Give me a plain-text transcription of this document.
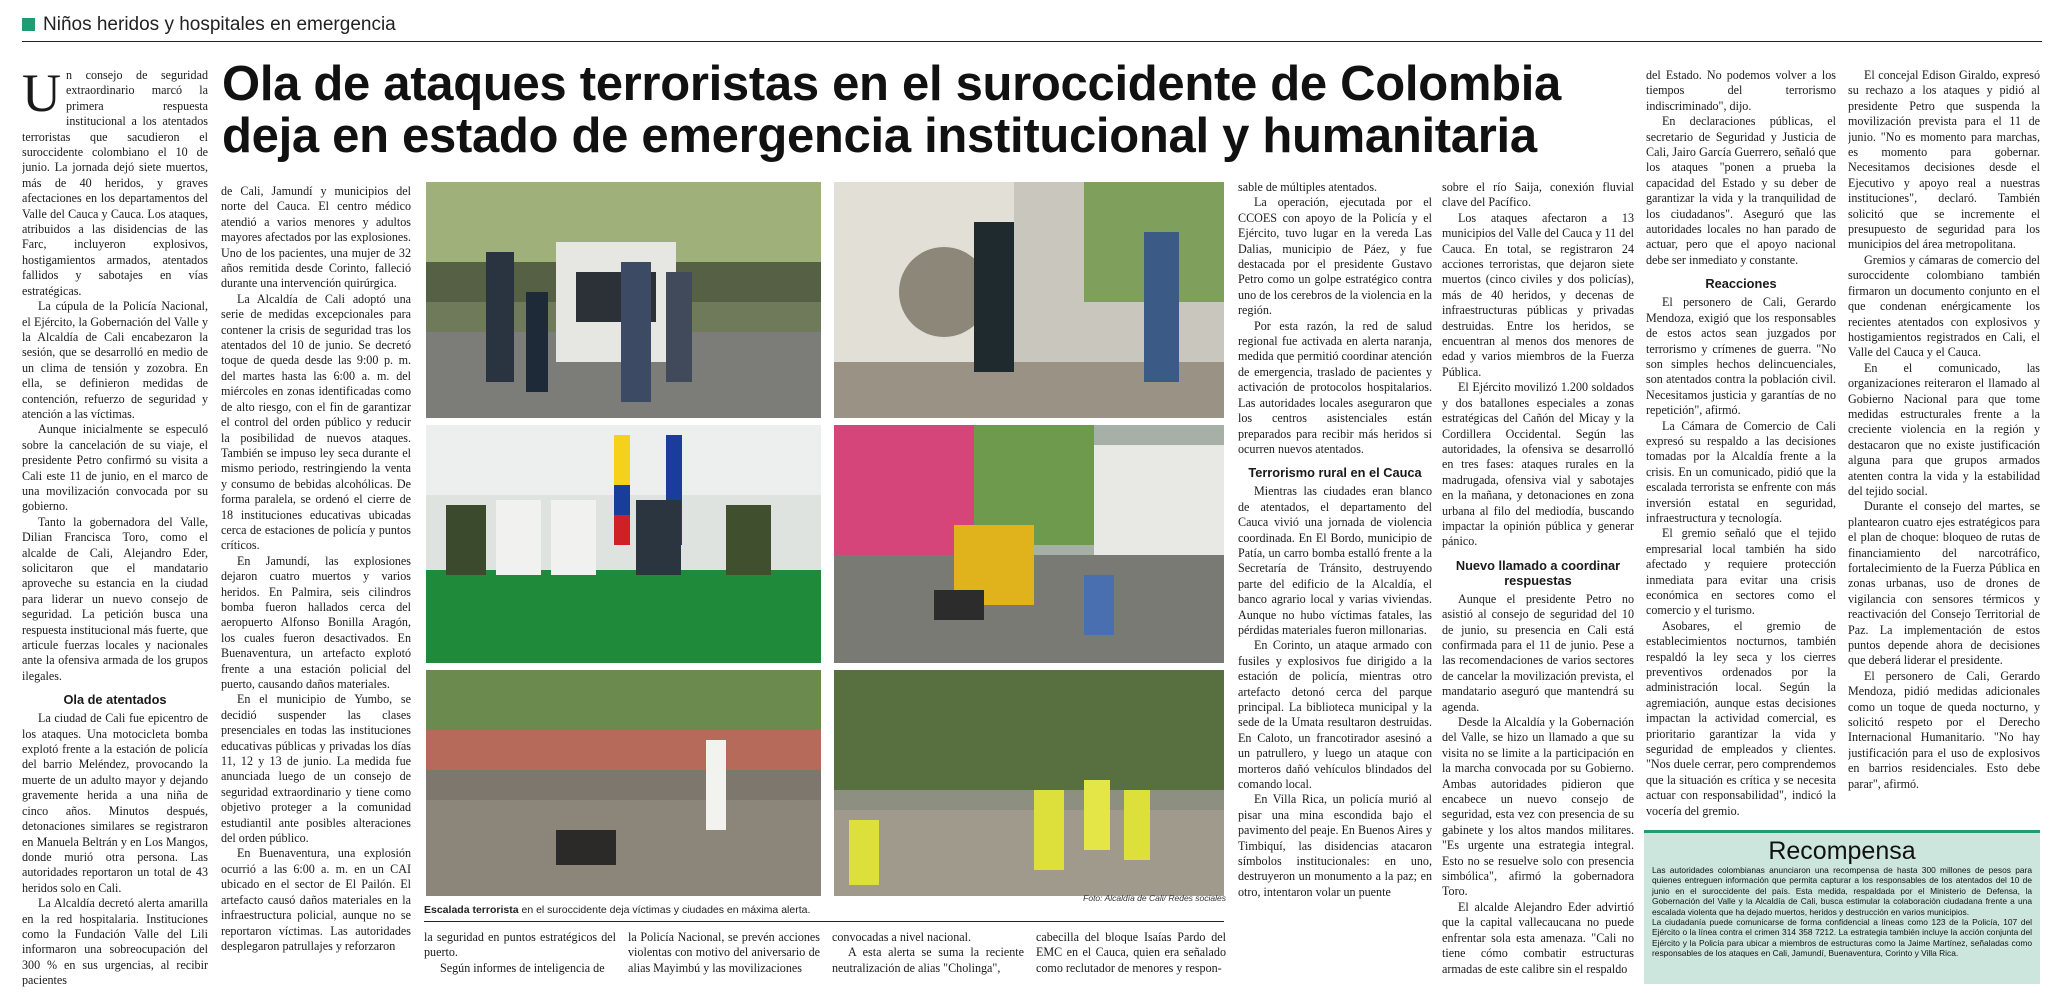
Niños heridos y hospitales en emergencia
Ola de ataques terroristas en el suroccidente de Colombia
deja en estado de emergencia institucional y humanitaria

Un consejo de seguridad extraordinario marcó la primera respuesta institucional a los atentados terroristas que sacudieron el suroccidente colombiano el 10 de junio. La jornada dejó siete muertos, más de 40 heridos, y graves afectaciones en los departamentos del Valle del Cauca y Cauca. Los ataques, atribuidos a las disidencias de las Farc, incluyeron explosivos, hostigamientos armados, atentados fallidos y sabotajes en vías estratégicas.

La cúpula de la Policía Nacional, el Ejército, la Gobernación del Valle y la Alcaldía de Cali encabezaron la sesión, que se desarrolló en medio de un clima de tensión y zozobra. En ella, se definieron medidas de contención, refuerzo de seguridad y atención a las víctimas.

Aunque inicialmente se especuló sobre la cancelación de su viaje, el presidente Petro confirmó su visita a Cali este 11 de junio, en el marco de una movilización convocada por su gobierno.

Tanto la gobernadora del Valle, Dilian Francisca Toro, como el alcalde de Cali, Alejandro Eder, solicitaron que el mandatario aproveche su estancia en la ciudad para liderar un nuevo consejo de seguridad. La petición busca una respuesta institucional más fuerte, que articule fuerzas locales y nacionales ante la ofensiva armada de los grupos ilegales.

Ola de atentados

La ciudad de Cali fue epicentro de los ataques. Una motocicleta bomba explotó frente a la estación de policía del barrio Meléndez, provocando la muerte de un adulto mayor y dejando gravemente herida a una niña de cinco años. Minutos después, detonaciones similares se registraron en Manuela Beltrán y en Los Mangos, donde murió otra persona. Las autoridades reportaron un total de 43 heridos solo en Cali.

La Alcaldía decretó alerta amarilla en la red hospitalaria. Instituciones como la Fundación Valle del Lili informaron una sobreocupación del 300 % en sus urgencias, al recibir pacientes

de Cali, Jamundí y municipios del norte del Cauca. El centro médico atendió a varios menores y adultos mayores afectados por las explosiones. Uno de los pacientes, una mujer de 32 años remitida desde Corinto, falleció durante una intervención quirúrgica.

La Alcaldía de Cali adoptó una serie de medidas excepcionales para contener la crisis de seguridad tras los atentados del 10 de junio. Se decretó toque de queda desde las 9:00 p. m. del martes hasta las 6:00 a. m. del miércoles en zonas identificadas como de alto riesgo, con el fin de garantizar el control del orden público y reducir la posibilidad de nuevos ataques. También se impuso ley seca durante el mismo periodo, restringiendo la venta y consumo de bebidas alcohólicas. De forma paralela, se ordenó el cierre de 18 instituciones educativas ubicadas cerca de estaciones de policía y puntos críticos.

En Jamundí, las explosiones dejaron cuatro muertos y varios heridos. En Palmira, seis cilindros bomba fueron hallados cerca del aeropuerto Alfonso Bonilla Aragón, los cuales fueron desactivados. En Buenaventura, un artefacto explotó frente a una estación policial del puerto, causando daños materiales.

En el municipio de Yumbo, se decidió suspender las clases presenciales en todas las instituciones educativas públicas y privadas los días 11, 12 y 13 de junio. La medida fue anunciada luego de un consejo de seguridad extraordinario y tiene como objetivo proteger a la comunidad estudiantil ante posibles alteraciones del orden público.

En Buenaventura, una explosión ocurrió a las 6:00 a. m. en un CAI ubicado en el sector de El Pailón. El artefacto causó daños materiales en la infraestructura policial, aunque no se reportaron víctimas. Las autoridades desplegaron patrullajes y reforzaron

Foto: Alcaldía de Cali/ Redes sociales
Escalada terrorista en el suroccidente deja víctimas y ciudades en máxima alerta.

la seguridad en puntos estratégicos del puerto.

Según informes de inteligencia de

la Policía Nacional, se prevén acciones violentas con motivo del aniversario de alias Mayimbú y las movilizaciones

convocadas a nivel nacional.

A esta alerta se suma la reciente neutralización de alias "Cholinga",

cabecilla del bloque Isaías Pardo del EMC en el Cauca, quien era señalado como reclutador de menores y respon-

sable de múltiples atentados.

La operación, ejecutada por el CCOES con apoyo de la Policía y el Ejército, tuvo lugar en la vereda Las Dalias, municipio de Páez, y fue destacada por el presidente Gustavo Petro como un golpe estratégico contra uno de los cerebros de la violencia en la región.

Por esta razón, la red de salud regional fue activada en alerta naranja, medida que permitió coordinar atención de emergencia, traslado de pacientes y activación de protocolos hospitalarios. Las autoridades locales aseguraron que los centros asistenciales están preparados para recibir más heridos si ocurren nuevos atentados.

Terrorismo rural en el Cauca

Mientras las ciudades eran blanco de atentados, el departamento del Cauca vivió una jornada de violencia coordinada. En El Bordo, municipio de Patía, un carro bomba estalló frente a la Secretaría de Tránsito, destruyendo parte del edificio de la Alcaldía, el banco agrario local y varias viviendas. Aunque no hubo víctimas fatales, las pérdidas materiales fueron millonarias.

En Corinto, un ataque armado con fusiles y explosivos fue dirigido a la estación de policía, mientras otro artefacto detonó cerca del parque principal. La biblioteca municipal y la sede de la Umata resultaron destruidas. En Caloto, un francotirador asesinó a un patrullero, y luego un ataque con morteros dañó vehículos blindados del comando local.

En Villa Rica, un policía murió al pisar una mina escondida bajo el pavimento del peaje. En Buenos Aires y Timbiquí, las disidencias atacaron símbolos institucionales: en uno, destruyeron un monumento a la paz; en otro, intentaron volar un puente

sobre el río Saija, conexión fluvial clave del Pacífico.

Los ataques afectaron a 13 municipios del Valle del Cauca y 11 del Cauca. En total, se registraron 24 acciones terroristas, que dejaron siete muertos (cinco civiles y dos policías), más de 40 heridos, y decenas de infraestructuras públicas y privadas destruidas. Entre los heridos, se encuentran al menos dos menores de edad y varios miembros de la Fuerza Pública.

El Ejército movilizó 1.200 soldados y dos batallones especiales a zonas estratégicas del Cañón del Micay y la Cordillera Occidental. Según las autoridades, la ofensiva se desarrolló en tres fases: ataques rurales en la madrugada, ofensiva vial y sabotajes en la mañana, y detonaciones en zona urbana al filo del mediodía, buscando impactar la opinión pública y generar pánico.

Nuevo llamado a coordinar respuestas

Aunque el presidente Petro no asistió al consejo de seguridad del 10 de junio, su presencia en Cali está confirmada para el 11 de junio. Pese a las recomendaciones de varios sectores de cancelar la movilización prevista, el mandatario aseguró que mantendrá su agenda.

Desde la Alcaldía y la Gobernación del Valle, se hizo un llamado a que su visita no se limite a la participación en la marcha convocada por su Gobierno. Ambas autoridades pidieron que encabece un nuevo consejo de seguridad, esta vez con presencia de su gabinete y los altos mandos militares. "Es urgente una estrategia integral. Esto no se resuelve solo con presencia simbólica", afirmó la gobernadora Toro.

El alcalde Alejandro Eder advirtió que la capital vallecaucana no puede enfrentar sola esta amenaza. "Cali no tiene cómo combatir estructuras armadas de este calibre sin el respaldo

del Estado. No podemos volver a los tiempos del terrorismo indiscriminado", dijo.

En declaraciones públicas, el secretario de Seguridad y Justicia de Cali, Jairo García Guerrero, señaló que los ataques "ponen a prueba la capacidad del Estado y su deber de garantizar la vida y la tranquilidad de los ciudadanos". Aseguró que las autoridades locales no han parado de actuar, pero que el apoyo nacional debe ser inmediato y constante.

Reacciones

El personero de Cali, Gerardo Mendoza, exigió que los responsables de estos actos sean juzgados por terrorismo y crímenes de guerra. "No son simples hechos delincuenciales, son atentados contra la población civil. Necesitamos justicia y garantías de no repetición", afirmó.

La Cámara de Comercio de Cali expresó su respaldo a las decisiones tomadas por la Alcaldía frente a la crisis. En un comunicado, pidió que la escalada terrorista se enfrente con más inversión estatal en seguridad, infraestructura y tecnología.

El gremio señaló que el tejido empresarial local también ha sido afectado y requiere protección inmediata para evitar una crisis económica en sectores como el comercio y el turismo.

Asobares, el gremio de establecimientos nocturnos, también respaldó la ley seca y los cierres preventivos ordenados por la administración local. Según la agremiación, aunque estas decisiones impactan la actividad comercial, es prioritario garantizar la vida y seguridad de empleados y clientes. "Nos duele cerrar, pero comprendemos que la situación es crítica y se necesita actuar con responsabilidad", indicó la vocería del gremio.

El concejal Edison Giraldo, expresó su rechazo a los ataques y pidió al presidente Petro que suspenda la movilización prevista para el 11 de junio. "No es momento para marchas, es momento para gobernar. Necesitamos decisiones desde el Ejecutivo y apoyo real a nuestras instituciones", declaró. También solicitó que se incremente el presupuesto de seguridad para los municipios del área metropolitana.

Gremios y cámaras de comercio del suroccidente colombiano también firmaron un documento conjunto en el que condenan enérgicamente los recientes atentados con explosivos y hostigamientos registrados en Cali, el Valle del Cauca y el Cauca.

En el comunicado, las organizaciones reiteraron el llamado al Gobierno Nacional para que tome medidas estructurales frente a la creciente violencia en la región y destacaron que no existe justificación alguna para que grupos armados atenten contra la vida y la estabilidad del tejido social.

Durante el consejo del martes, se plantearon cuatro ejes estratégicos para el plan de choque: bloqueo de rutas de financiamiento del narcotráfico, fortalecimiento de la Fuerza Pública en zonas urbanas, uso de drones de vigilancia con sensores térmicos y reactivación del Consejo Territorial de Paz. La implementación de estos puntos depende ahora de decisiones que deberá liderar el presidente.

El personero de Cali, Gerardo Mendoza, pidió medidas adicionales como un toque de queda nocturno, y solicitó respeto por el Derecho Internacional Humanitario. "No hay justificación para el uso de explosivos en barrios residenciales. Esto debe parar", afirmó.

Recompensa

Las autoridades colombianas anunciaron una recompensa de hasta 300 millones de pesos para quienes entreguen información que permita capturar a los responsables de los atentados del 10 de junio en el suroccidente del país. Esta medida, respaldada por el Ministerio de Defensa, la Gobernación del Valle y la Alcaldía de Cali, busca estimular la colaboración ciudadana frente a una escalada violenta que ha dejado muertos, heridos y destrucción en varios municipios.

La ciudadanía puede comunicarse de forma confidencial a líneas como 123 de la Policía, 107 del Ejército o la línea contra el crimen 314 358 7212. La estrategia también incluye la acción conjunta del Ejército y la Policía para ubicar a miembros de estructuras como la Jaime Martínez, señaladas como responsables de los ataques en Cali, Jamundí, Buenaventura, Corinto y Villa Rica.
